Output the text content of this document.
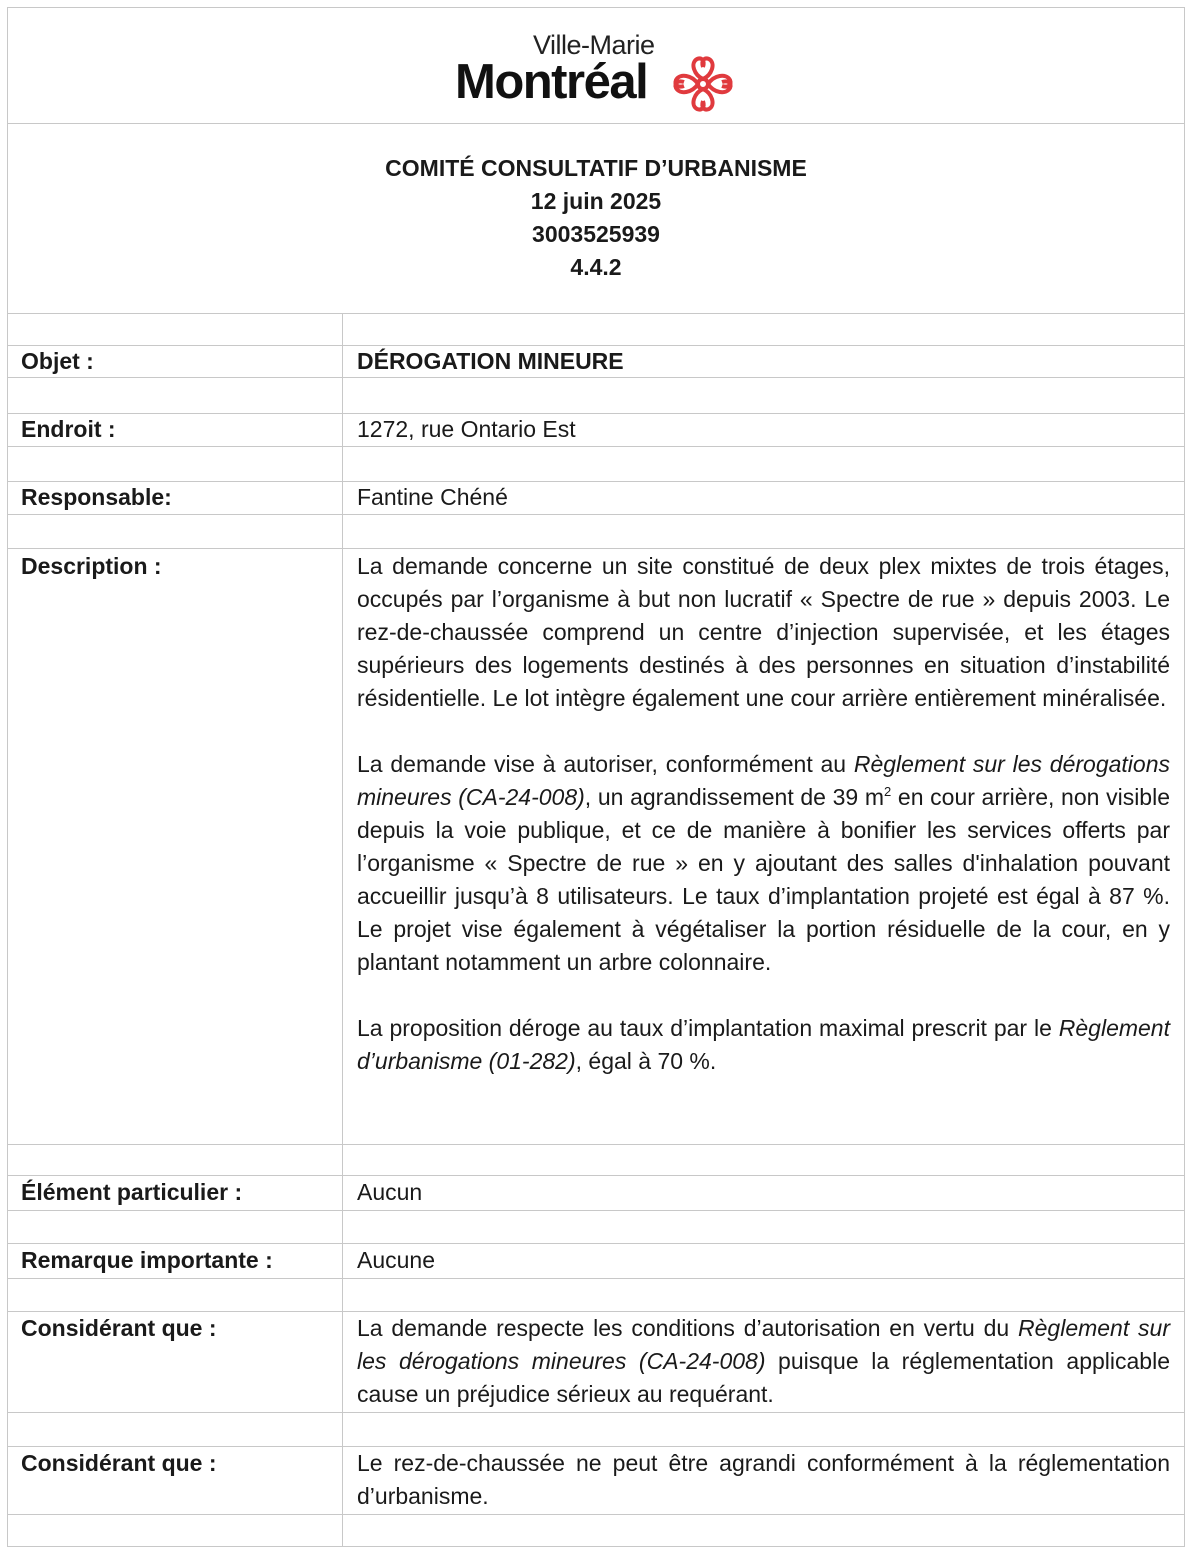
Ville-Marie
Montréal
COMITÉ CONSULTATIF D’URBANISME
12 juin 2025
3003525939
4.4.2
Objet :	DÉROGATION MINEURE
Endroit :	1272, rue Ontario Est
Responsable:	Fantine Chéné
Description :	La demande concerne un site constitué de deux plex mixtes de trois étages, occupés par l’organisme à but non lucratif « Spectre de rue » depuis 2003. Le rez-de-chaussée comprend un centre d’injection supervisée, et les étages supérieurs des logements destinés à des personnes en situation d’instabilité résidentielle. Le lot intègre également une cour arrière entièrement minéralisée.

La demande vise à autoriser, conformément au Règlement sur les dérogations mineures (CA-24-008), un agrandissement de 39 $m^2$ en cour arrière, non visible depuis la voie publique, et ce de manière à bonifier les services offerts par l’organisme « Spectre de rue » en y ajoutant des salles d'inhalation pouvant accueillir jusqu’à 8 utilisateurs. Le taux d’implantation projeté est égal à 87 %. Le projet vise également à végétaliser la portion résiduelle de la cour, en y plantant notamment un arbre colonnaire.

La proposition déroge au taux d’implantation maximal prescrit par le Règlement d’urbanisme (01-282), égal à 70 %.

Élément particulier :	Aucun
Remarque importante :	Aucune
Considérant que :	La demande respecte les conditions d’autorisation en vertu du Règlement sur les dérogations mineures (CA-24-008) puisque la réglementation applicable cause un préjudice sérieux au requérant.
Considérant que :	Le rez-de-chaussée ne peut être agrandi conformément à la réglementation d’urbanisme.
